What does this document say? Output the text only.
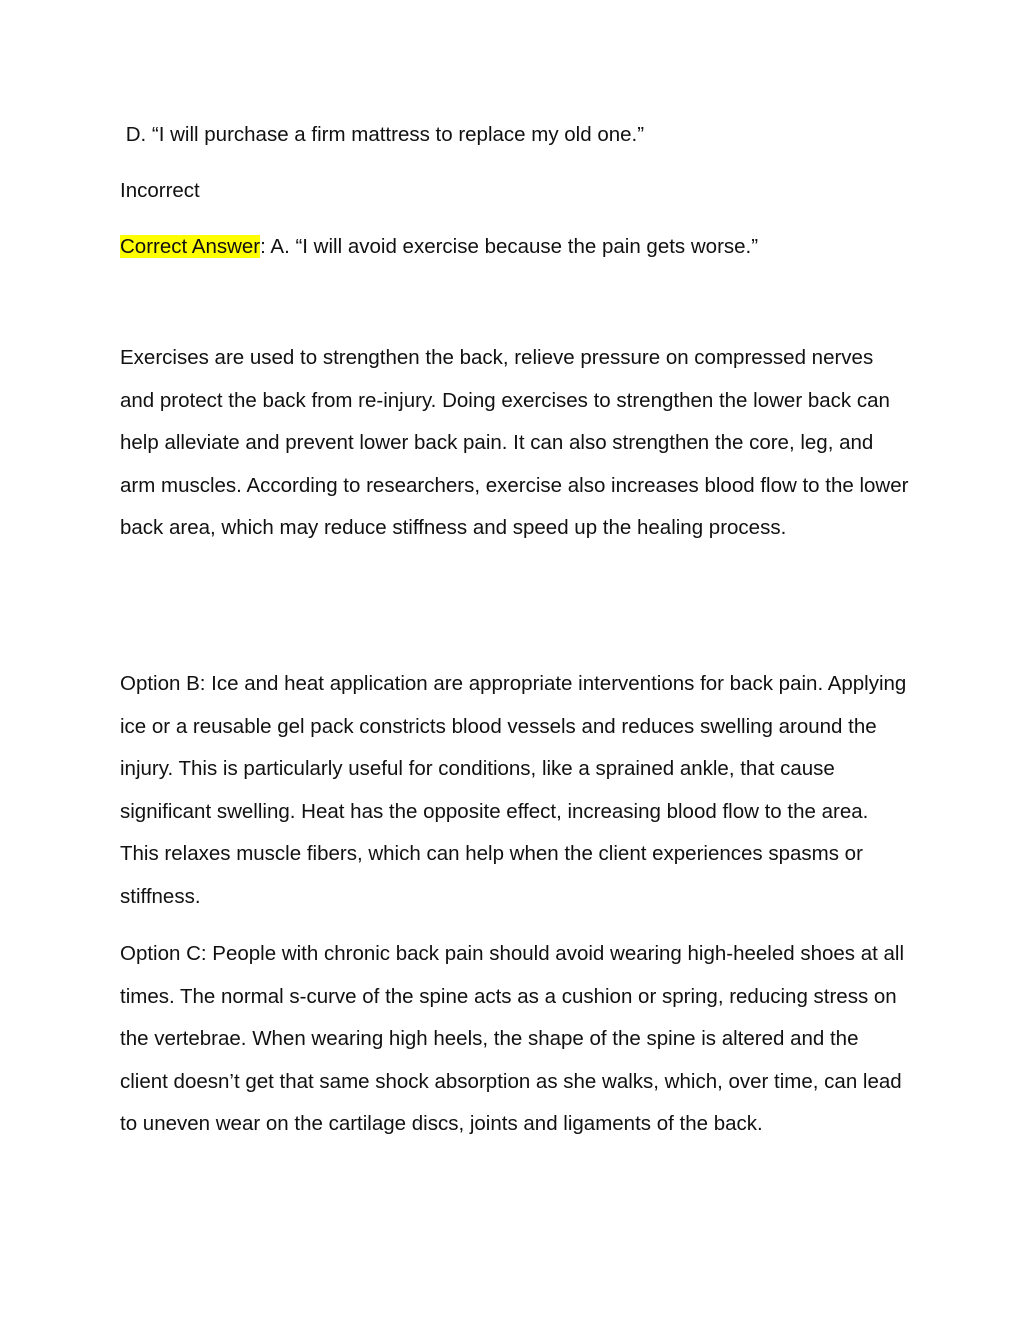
D. “I will purchase a firm mattress to replace my old one.”
Incorrect
Correct Answer: A. “I will avoid exercise because the pain gets worse.”

Exercises are used to strengthen the back, relieve pressure on compressed nerves and protect the back from re-injury. Doing exercises to strengthen the lower back can help alleviate and prevent lower back pain. It can also strengthen the core, leg, and arm muscles. According to researchers, exercise also increases blood flow to the lower back area, which may reduce stiffness and speed up the healing process.

Option B: Ice and heat application are appropriate interventions for back pain. Applying ice or a reusable gel pack constricts blood vessels and reduces swelling around the injury. This is particularly useful for conditions, like a sprained ankle, that cause significant swelling. Heat has the opposite effect, increasing blood flow to the area. This relaxes muscle fibers, which can help when the client experiences spasms or stiffness.

Option C: People with chronic back pain should avoid wearing high-heeled shoes at all times. The normal s-curve of the spine acts as a cushion or spring, reducing stress on the vertebrae. When wearing high heels, the shape of the spine is altered and the client doesn’t get that same shock absorption as she walks, which, over time, can lead to uneven wear on the cartilage discs, joints and ligaments of the back.
